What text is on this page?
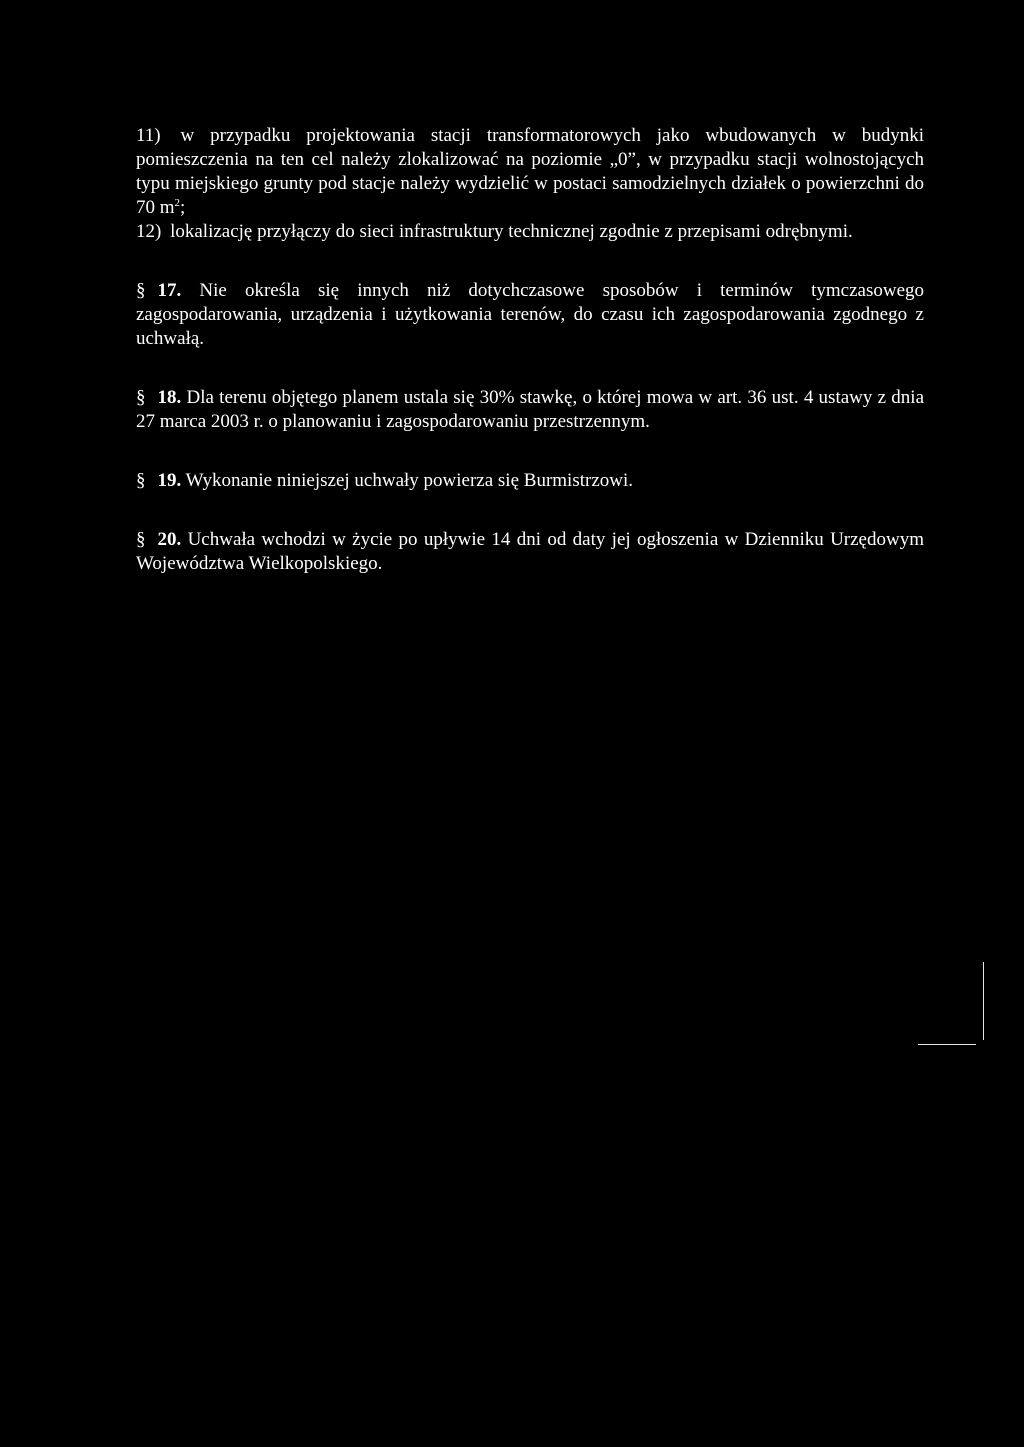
11) w przypadku projektowania stacji transformatorowych jako wbudowanych w budynki pomieszczenia na ten cel należy zlokalizować na poziomie „0”, w przypadku stacji wolnostojących typu miejskiego grunty pod stacje należy wydzielić w postaci samodzielnych działek o powierzchni do 70 $m^2$;

12) lokalizację przyłączy do sieci infrastruktury technicznej zgodnie z przepisami odrębnymi.

§ 17. Nie określa się innych niż dotychczasowe sposobów i terminów tymczasowego zagospodarowania, urządzenia i użytkowania terenów, do czasu ich zagospodarowania zgodnego z uchwałą.

§ 18. Dla terenu objętego planem ustala się 30% stawkę, o której mowa w art. 36 ust. 4 ustawy z dnia 27 marca 2003 r. o planowaniu i zagospodarowaniu przestrzennym.

§ 19. Wykonanie niniejszej uchwały powierza się Burmistrzowi.

§ 20. Uchwała wchodzi w życie po upływie 14 dni od daty jej ogłoszenia w Dzienniku Urzędowym Województwa Wielkopolskiego.
